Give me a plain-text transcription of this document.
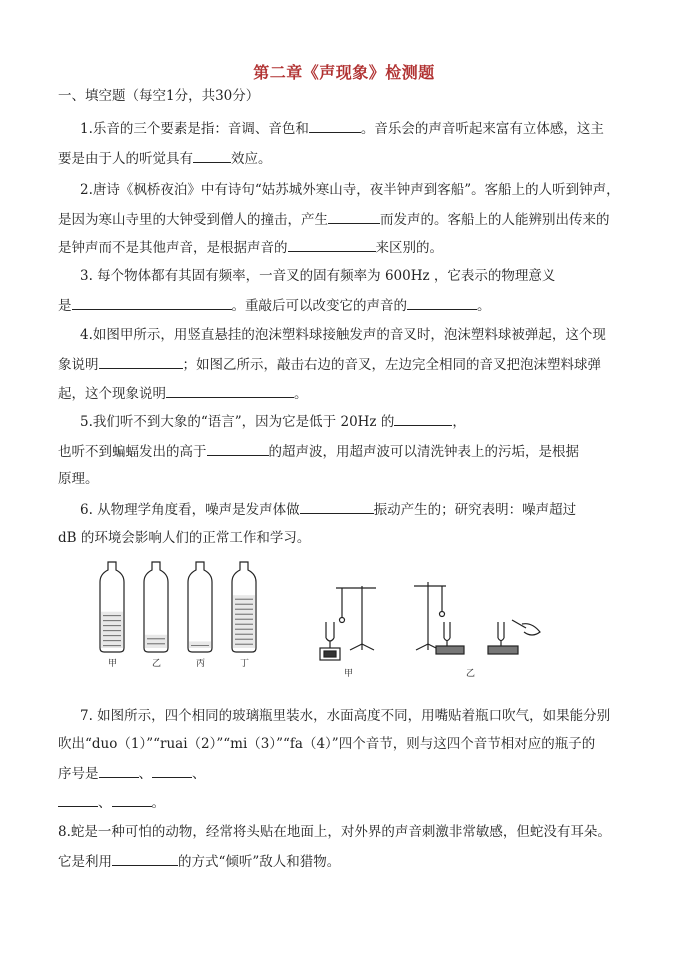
第二章《声现象》检测题
一、填空题（每空1分，共30分）
1.乐音的三个要素是指：音调、音色和	。音乐会的声音听起来富有立体感，这主
要是由于人的听觉具有	效应。
2.唐诗《枫桥夜泊》中有诗句“姑苏城外寒山寺，夜半钟声到客船”。客船上的人听到钟声，
是因为寒山寺里的大钟受到僧人的撞击，产生	而发声的。客船上的人能辨别出传来的
是钟声而不是其他声音，是根据声音的	来区别的。
3. 每个物体都有其固有频率，一音叉的固有频率为 600Hz ，它表示的物理意义
是	。重敲后可以改变它的声音的	。
4.如图甲所示，用竖直悬挂的泡沫塑料球接触发声的音叉时，泡沫塑料球被弹起，这个现
象说明	；如图乙所示，敲击右边的音叉，左边完全相同的音叉把泡沫塑料球弹
起，这个现象说明	。
5.我们听不到大象的“语言”，因为它是低于 20Hz 的	，
也听不到蝙蝠发出的高于	的超声波，用超声波可以清洗钟表上的污垢，是根据
原理。
6. 从物理学角度看，噪声是发声体做	振动产生的；研究表明：噪声超过
dB 的环境会影响人们的正常工作和学习。
甲	乙	丙	丁
甲	乙
7. 如图所示，四个相同的玻璃瓶里装水，水面高度不同，用嘴贴着瓶口吹气，如果能分别
吹出“duo（1）”“ruai（2）”“mi（3）”“fa（4）”四个音节，则与这四个音节相对应的瓶子的
序号是	、	、
、	。
8.蛇是一种可怕的动物，经常将头贴在地面上，对外界的声音刺激非常敏感，但蛇没有耳朵。
它是利用	的方式“倾听”敌人和猎物。
